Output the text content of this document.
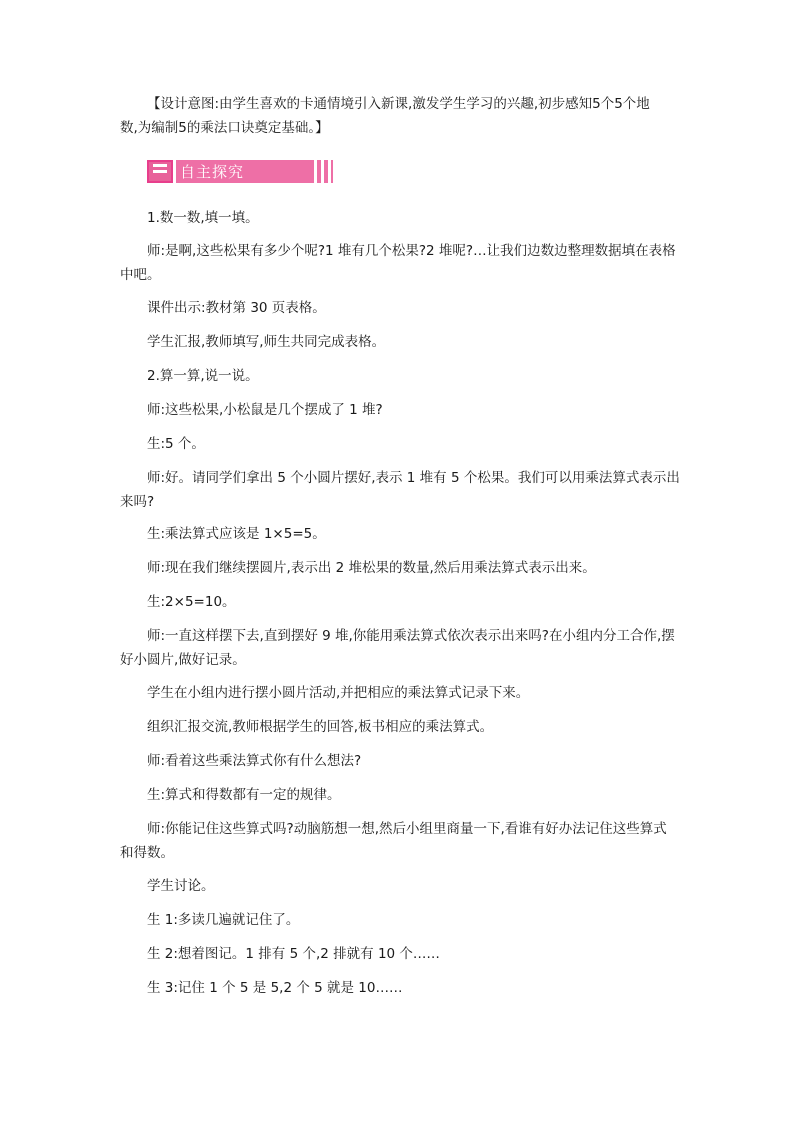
【设计意图:由学生喜欢的卡通情境引入新课,激发学生学习的兴趣,初步感知5个5个地

数,为编制5的乘法口诀奠定基础。】

自主探究

1.数一数,填一填。

师:是啊,这些松果有多少个呢?1 堆有几个松果?2 堆呢?…让我们边数边整理数据填在表格中吧。

课件出示:教材第 30 页表格。

学生汇报,教师填写,师生共同完成表格。

2.算一算,说一说。

师:这些松果,小松鼠是几个摆成了 1 堆?

生:5 个。

师:好。请同学们拿出 5 个小圆片摆好,表示 1 堆有 5 个松果。我们可以用乘法算式表示出来吗?

生:乘法算式应该是 1×5=5。

师:现在我们继续摆圆片,表示出 2 堆松果的数量,然后用乘法算式表示出来。

生:2×5=10。

师:一直这样摆下去,直到摆好 9 堆,你能用乘法算式依次表示出来吗?在小组内分工合作,摆好小圆片,做好记录。

学生在小组内进行摆小圆片活动,并把相应的乘法算式记录下来。

组织汇报交流,教师根据学生的回答,板书相应的乘法算式。

师:看着这些乘法算式你有什么想法?

生:算式和得数都有一定的规律。

师:你能记住这些算式吗?动脑筋想一想,然后小组里商量一下,看谁有好办法记住这些算式和得数。

学生讨论。

生 1:多读几遍就记住了。

生 2:想着图记。1 排有 5 个,2 排就有 10 个……

生 3:记住 1 个 5 是 5,2 个 5 就是 10……
